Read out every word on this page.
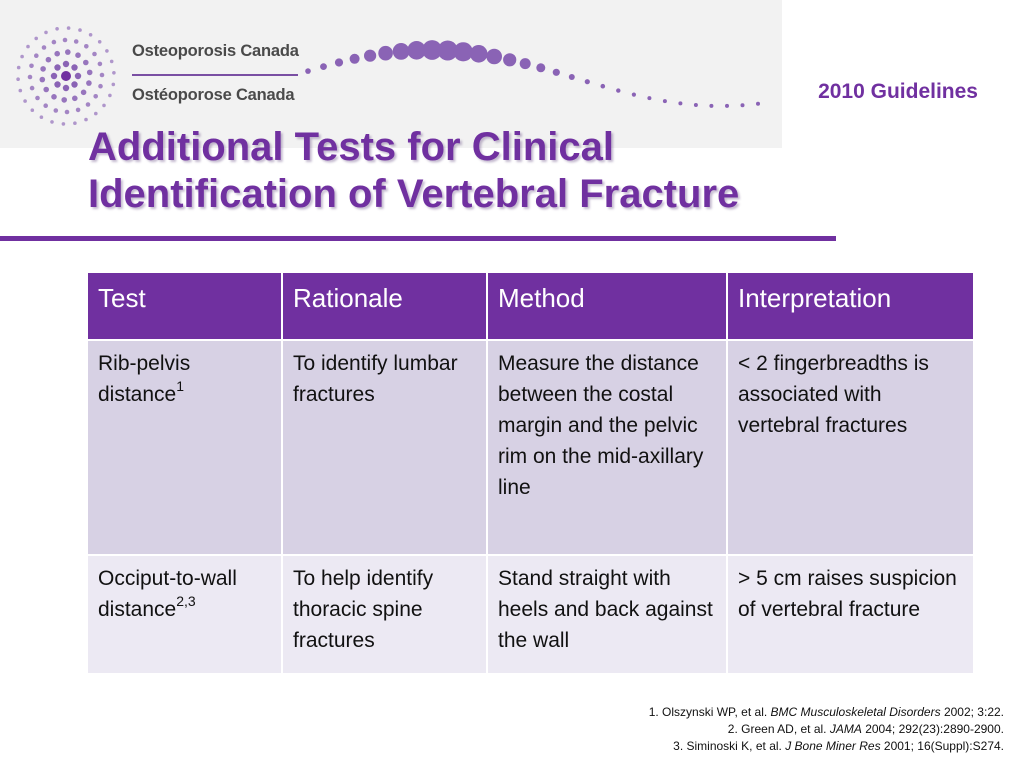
Osteoporosis Canada
Ostéoporose Canada	2010 Guidelines
Additional Tests for Clinical
Identification of Vertebral Fracture
Test	Rationale	Method	Interpretation
Rib-pelvis distance$^1$	To identify lumbar fractures	Measure the distance between the costal margin and the pelvic rim on the mid-axillary line	< 2 fingerbreadths is associated with vertebral fractures
Occiput-to-wall distance$^{2,3}$	To help identify thoracic spine fractures	Stand straight with heels and back against the wall	> 5 cm raises suspicion of vertebral fracture
1. Olszynski WP, et al. BMC Musculoskeletal Disorders 2002; 3:22.
2. Green AD, et al. JAMA 2004; 292(23):2890-2900.
3. Siminoski K, et al. J Bone Miner Res 2001; 16(Suppl):S274.
